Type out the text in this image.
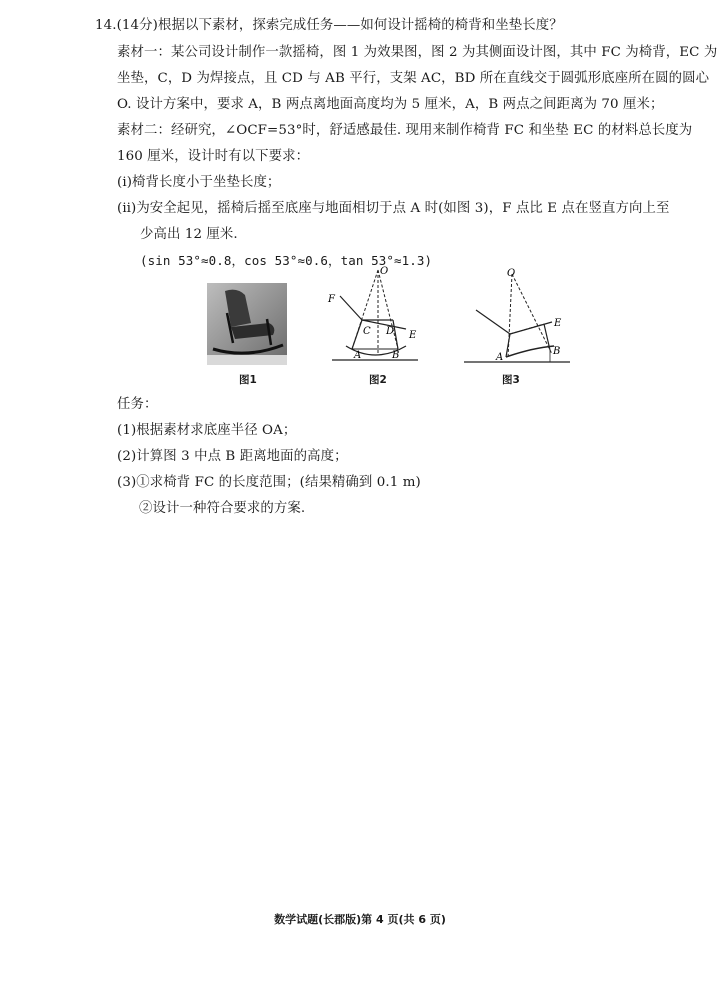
14.(14分)根据以下素材，探索完成任务——如何设计摇椅的椅背和坐垫长度？
素材一：某公司设计制作一款摇椅，图 1 为效果图，图 2 为其侧面设计图，其中 FC 为椅背，EC 为
坐垫，C，D 为焊接点，且 CD 与 AB 平行，支架 AC，BD 所在直线交于圆弧形底座所在圆的圆心
O. 设计方案中，要求 A，B 两点离地面高度均为 5 厘米，A，B 两点之间距离为 70 厘米；
素材二：经研究，∠OCF=53°时，舒适感最佳. 现用来制作椅背 FC 和坐垫 EC 的材料总长度为
160 厘米，设计时有以下要求：
(ⅰ)椅背长度小于坐垫长度；
(ⅱ)为安全起见，摇椅后摇至底座与地面相切于点 A 时(如图 3)，F 点比 E 点在竖直方向上至
少高出 12 厘米.
(sin 53°≈0.8，cos 53°≈0.6，tan 53°≈1.3)
图1
O
F
C D E
A	B
图2
O
E
A
B
图3
任务：
(1)根据素材求底座半径 OA；
(2)计算图 3 中点 B 距离地面的高度；
(3)①求椅背 FC 的长度范围；(结果精确到 0.1 m)
②设计一种符合要求的方案.
数学试题(长郡版)第 4 页(共 6 页)
